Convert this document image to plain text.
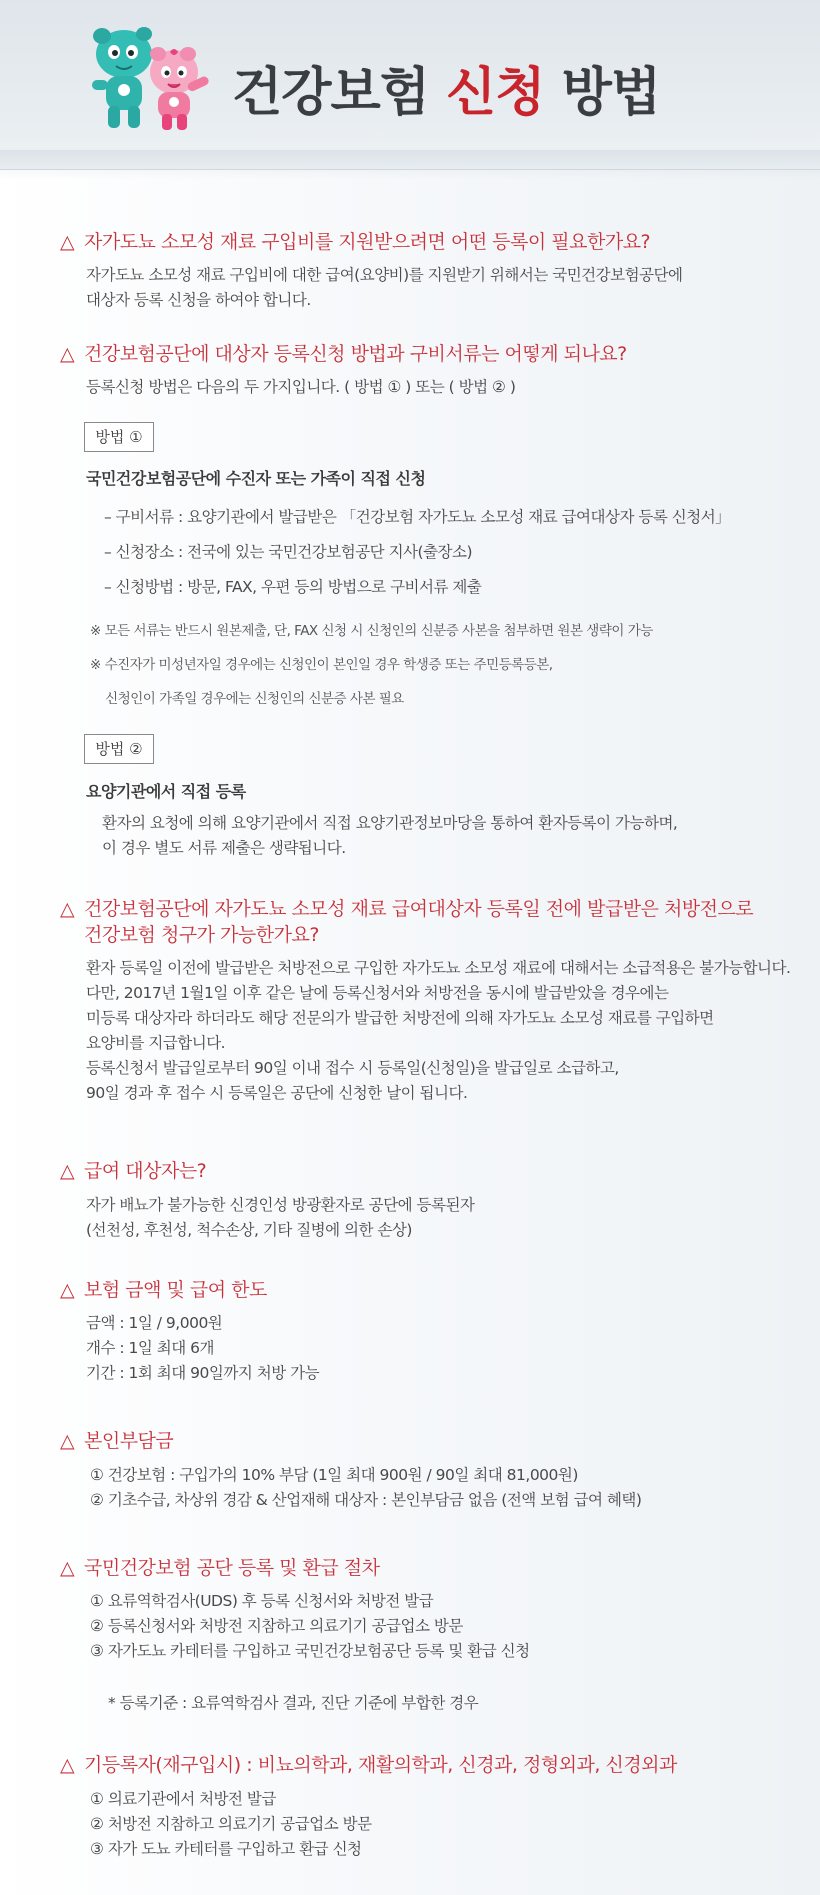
건강보험 신청 방법
△ 자가도뇨 소모성 재료 구입비를 지원받으려면 어떤 등록이 필요한가요?
자가도뇨 소모성 재료 구입비에 대한 급여(요양비)를 지원받기 위해서는 국민건강보험공단에
대상자 등록 신청을 하여야 합니다.
△ 건강보험공단에 대상자 등록신청 방법과 구비서류는 어떻게 되나요?
등록신청 방법은 다음의 두 가지입니다. ( 방법 ① ) 또는 ( 방법 ② )
방법 ①
국민건강보험공단에 수진자 또는 가족이 직접 신청
– 구비서류 : 요양기관에서 발급받은 「건강보험 자가도뇨 소모성 재료 급여대상자 등록 신청서」
– 신청장소 : 전국에 있는 국민건강보험공단 지사(출장소)
– 신청방법 : 방문, FAX, 우편 등의 방법으로 구비서류 제출
※ 모든 서류는 반드시 원본제출, 단, FAX 신청 시 신청인의 신분증 사본을 첨부하면 원본 생략이 가능
※ 수진자가 미성년자일 경우에는 신청인이 본인일 경우 학생증 또는 주민등록등본,
신청인이 가족일 경우에는 신청인의 신분증 사본 필요
방법 ②
요양기관에서 직접 등록
환자의 요청에 의해 요양기관에서 직접 요양기관정보마당을 통하여 환자등록이 가능하며,
이 경우 별도 서류 제출은 생략됩니다.
△ 건강보험공단에 자가도뇨 소모성 재료 급여대상자 등록일 전에 발급받은 처방전으로
건강보험 청구가 가능한가요?
환자 등록일 이전에 발급받은 처방전으로 구입한 자가도뇨 소모성 재료에 대해서는 소급적용은 불가능합니다.
다만, 2017년 1월1일 이후 같은 날에 등록신청서와 처방전을 동시에 발급받았을 경우에는
미등록 대상자라 하더라도 해당 전문의가 발급한 처방전에 의해 자가도뇨 소모성 재료를 구입하면
요양비를 지급합니다.
등록신청서 발급일로부터 90일 이내 접수 시 등록일(신청일)을 발급일로 소급하고,
90일 경과 후 접수 시 등록일은 공단에 신청한 날이 됩니다.
△ 급여 대상자는?
자가 배뇨가 불가능한 신경인성 방광환자로 공단에 등록된자
(선천성, 후천성, 척수손상, 기타 질병에 의한 손상)
△ 보험 금액 및 급여 한도
금액 : 1일 / 9,000원
개수 : 1일 최대 6개
기간 : 1회 최대 90일까지 처방 가능
△ 본인부담금
① 건강보험 : 구입가의 10% 부담 (1일 최대 900원 / 90일 최대 81,000원)
② 기초수급, 차상위 경감 & 산업재해 대상자 : 본인부담금 없음 (전액 보험 급여 혜택)
△ 국민건강보험 공단 등록 및 환급 절차
① 요류역학검사(UDS) 후 등록 신청서와 처방전 발급
② 등록신청서와 처방전 지참하고 의료기기 공급업소 방문
③ 자가도뇨 카테터를 구입하고 국민건강보험공단 등록 및 환급 신청
* 등록기준 : 요류역학검사 결과, 진단 기준에 부합한 경우
△ 기등록자(재구입시) : 비뇨의학과, 재활의학과, 신경과, 정형외과, 신경외과
① 의료기관에서 처방전 발급
② 처방전 지참하고 의료기기 공급업소 방문
③ 자가 도뇨 카테터를 구입하고 환급 신청
